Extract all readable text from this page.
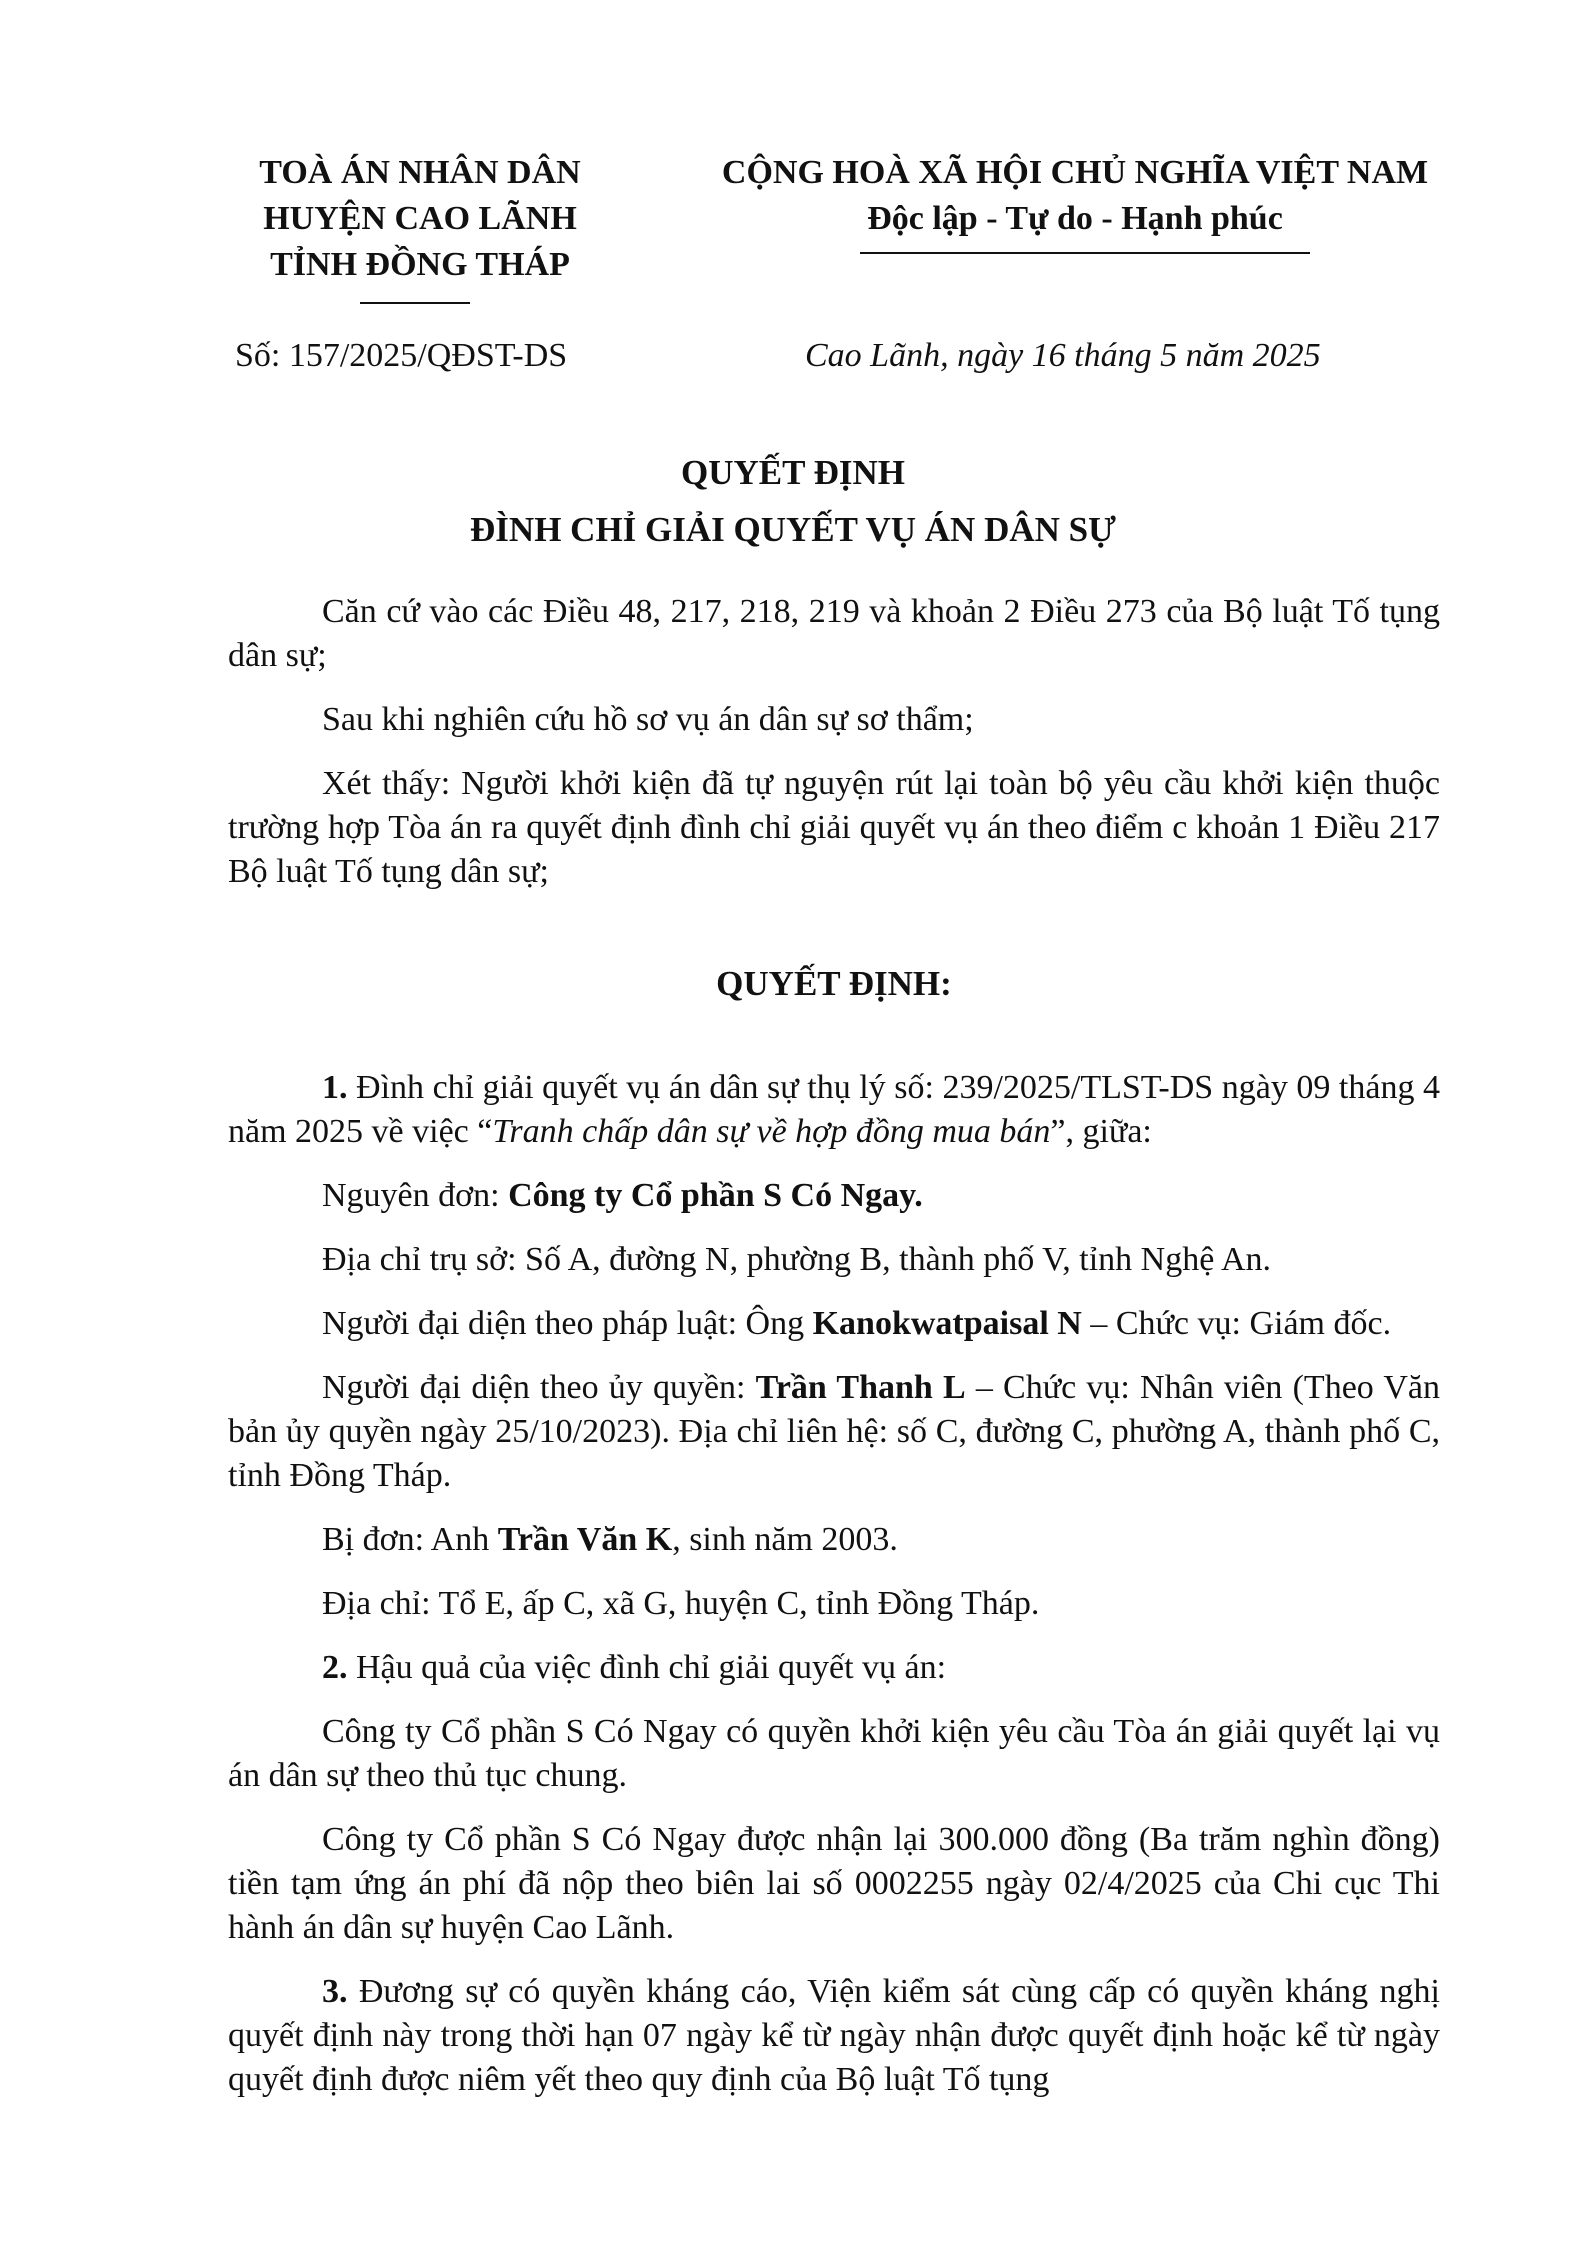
TOÀ ÁN NHÂN DÂN
HUYỆN CAO LÃNH
TỈNH ĐỒNG THÁP
CỘNG HOÀ XÃ HỘI CHỦ NGHĨA VIỆT NAM
Độc lập - Tự do - Hạnh phúc
Số: 157/2025/QĐST-DS	Cao Lãnh, ngày 16 tháng 5 năm 2025
QUYẾT ĐỊNH
ĐÌNH CHỈ GIẢI QUYẾT VỤ ÁN DÂN SỰ

Căn cứ vào các Điều 48, 217, 218, 219 và khoản 2 Điều 273 của Bộ luật Tố tụng dân sự;

Sau khi nghiên cứu hồ sơ vụ án dân sự sơ thẩm;

Xét thấy: Người khởi kiện đã tự nguyện rút lại toàn bộ yêu cầu khởi kiện thuộc trường hợp Tòa án ra quyết định đình chỉ giải quyết vụ án theo điểm c khoản 1 Điều 217 Bộ luật Tố tụng dân sự;

QUYẾT ĐỊNH:

1. Đình chỉ giải quyết vụ án dân sự thụ lý số: 239/2025/TLST-DS ngày 09 tháng 4 năm 2025 về việc “Tranh chấp dân sự về hợp đồng mua bán”, giữa:

Nguyên đơn: Công ty Cổ phần S Có Ngay.

Địa chỉ trụ sở: Số A, đường N, phường B, thành phố V, tỉnh Nghệ An.

Người đại diện theo pháp luật: Ông Kanokwatpaisal N – Chức vụ: Giám đốc.

Người đại diện theo ủy quyền: Trần Thanh L – Chức vụ: Nhân viên (Theo Văn bản ủy quyền ngày 25/10/2023). Địa chỉ liên hệ: số C, đường C, phường A, thành phố C, tỉnh Đồng Tháp.

Bị đơn: Anh Trần Văn K, sinh năm 2003.

Địa chỉ: Tổ E, ấp C, xã G, huyện C, tỉnh Đồng Tháp.

2. Hậu quả của việc đình chỉ giải quyết vụ án:

Công ty Cổ phần S Có Ngay có quyền khởi kiện yêu cầu Tòa án giải quyết lại vụ án dân sự theo thủ tục chung.

Công ty Cổ phần S Có Ngay được nhận lại 300.000 đồng (Ba trăm nghìn đồng) tiền tạm ứng án phí đã nộp theo biên lai số 0002255 ngày 02/4/2025 của Chi cục Thi hành án dân sự huyện Cao Lãnh.

3. Đương sự có quyền kháng cáo, Viện kiểm sát cùng cấp có quyền kháng nghị quyết định này trong thời hạn 07 ngày kể từ ngày nhận được quyết định hoặc kể từ ngày quyết định được niêm yết theo quy định của Bộ luật Tố tụng
